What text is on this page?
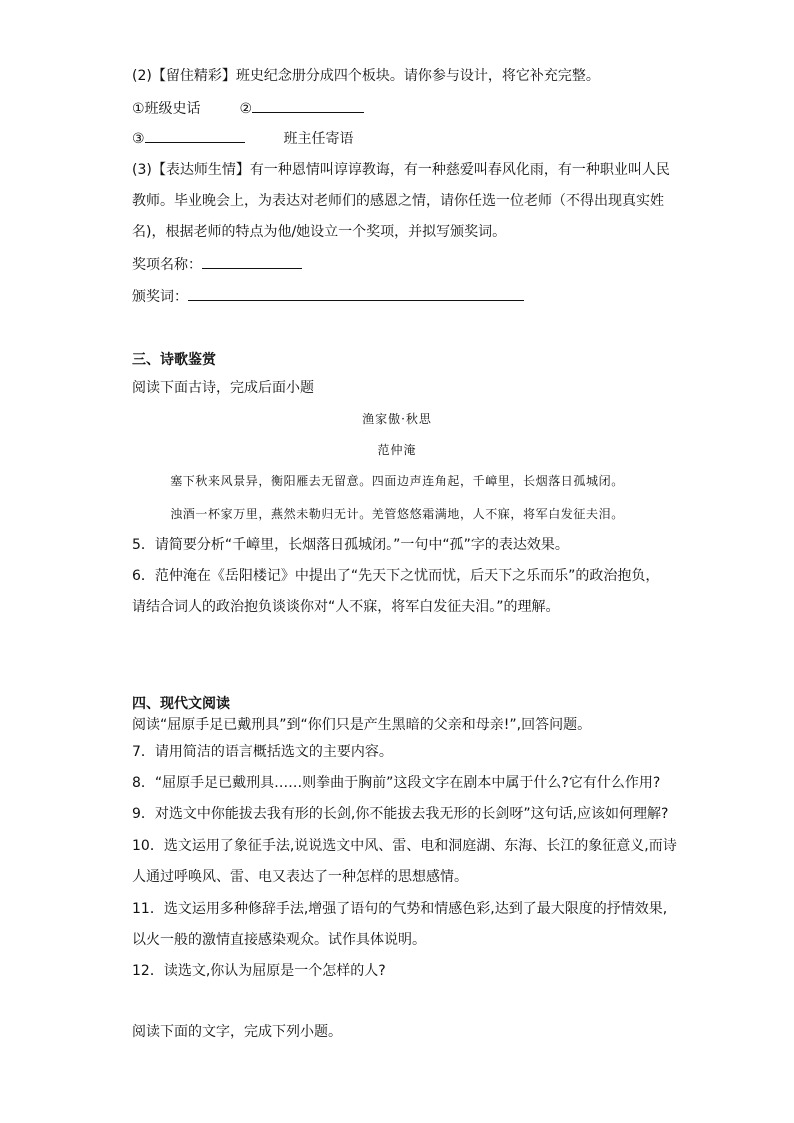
(2)【留住精彩】班史纪念册分成四个板块。请你参与设计，将它补充完整。
①班级史话	②
③	班主任寄语
(3)【表达师生情】有一种恩情叫谆谆教诲，有一种慈爱叫春风化雨，有一种职业叫人民
教师。毕业晚会上，为表达对老师们的感恩之情，请你任选一位老师（不得出现真实姓
名)，根据老师的特点为他/她设立一个奖项，并拟写颁奖词。
奖项名称：
颁奖词：
三、诗歌鉴赏
阅读下面古诗，完成后面小题
渔家傲·秋思
范仲淹
塞下秋来风景异，衡阳雁去无留意。四面边声连角起，千嶂里，长烟落日孤城闭。
浊酒一杯家万里，燕然未勒归无计。羌管悠悠霜满地，人不寐，将军白发征夫泪。
5．请简要分析“千嶂里，长烟落日孤城闭。”一句中“孤”字的表达效果。
6．范仲淹在《岳阳楼记》中提出了“先天下之忧而忧，后天下之乐而乐”的政治抱负，
请结合词人的政治抱负谈谈你对“人不寐，将军白发征夫泪。”的理解。
四、现代文阅读
阅读“屈原手足已戴刑具”到“你们只是产生黑暗的父亲和母亲!”,回答问题。
7．请用简洁的语言概括选文的主要内容。
8．“屈原手足已戴刑具……则拳曲于胸前”这段文字在剧本中属于什么?它有什么作用?
9．对选文中你能拔去我有形的长剑,你不能拔去我无形的长剑呀”这句话,应该如何理解?
10．选文运用了象征手法,说说选文中风、雷、电和洞庭湖、东海、长江的象征意义,而诗
人通过呼唤风、雷、电又表达了一种怎样的思想感情。
11．选文运用多种修辞手法,增强了语句的气势和情感色彩,达到了最大限度的抒情效果,
以火一般的激情直接感染观众。试作具体说明。
12．读选文,你认为屈原是一个怎样的人?
阅读下面的文字，完成下列小题。
